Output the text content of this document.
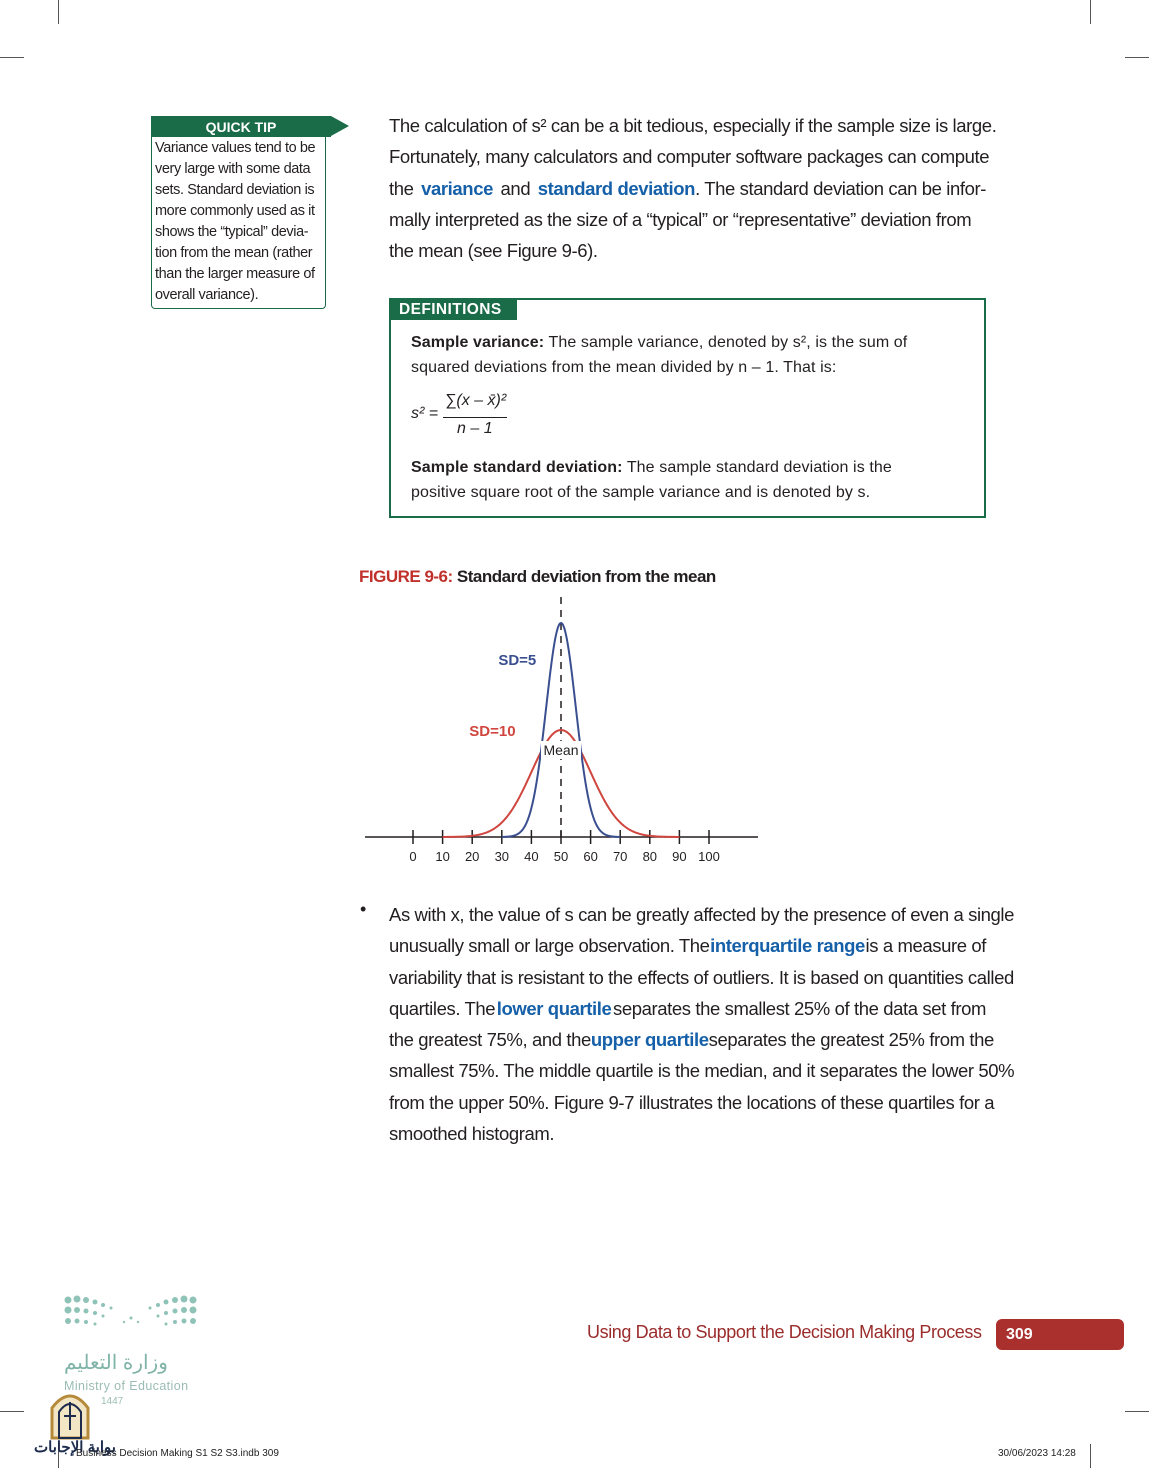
QUICK TIP
Variance values tend to be
very large with some data
sets. Standard deviation is
more commonly used as it
shows the “typical” devia-
tion from the mean (rather
than the larger measure of
overall variance).
The calculation of s² can be a bit tedious, especially if the sample size is large.
Fortunately, many calculators and computer software packages can compute
the variance and standard deviation . The standard deviation can be infor-
mally interpreted as the size of a “typical” or “representative” deviation from
the mean (see Figure 9-6).
DEFINITIONS
Sample variance: The sample variance, denoted by s², is the sum of
squared deviations from the mean divided by n – 1. That is:
s² =
∑(x – x̄)²
n – 1
Sample standard deviation: The sample standard deviation is the
positive square root of the sample variance and is denoted by s.
FIGURE 9-6: Standard deviation from the mean
0 10 20 30 40 50 60 70 80 90 100
Mean
SD=5
SD=10
• As with x, the value of s can be greatly affected by the presence of even a single
unusually small or large observation. The interquartile range is a measure of
variability that is resistant to the effects of outliers. It is based on quantities called
quartiles. The lower quartile separates the smallest 25% of the data set from
the greatest 75%, and the upper quartile separates the greatest 25% from the
smallest 75%. The middle quartile is the median, and it separates the lower 50%
from the upper 50%. Figure 9-7 illustrates the locations of these quartiles for a
smoothed histogram.
وزارة التعليم
Ministry of Education
1447
بوابة الإجابات
Using Data to Support the Decision Making Process	309
Business Decision Making S1 S2 S3.indb 309	30/06/2023 14:28
